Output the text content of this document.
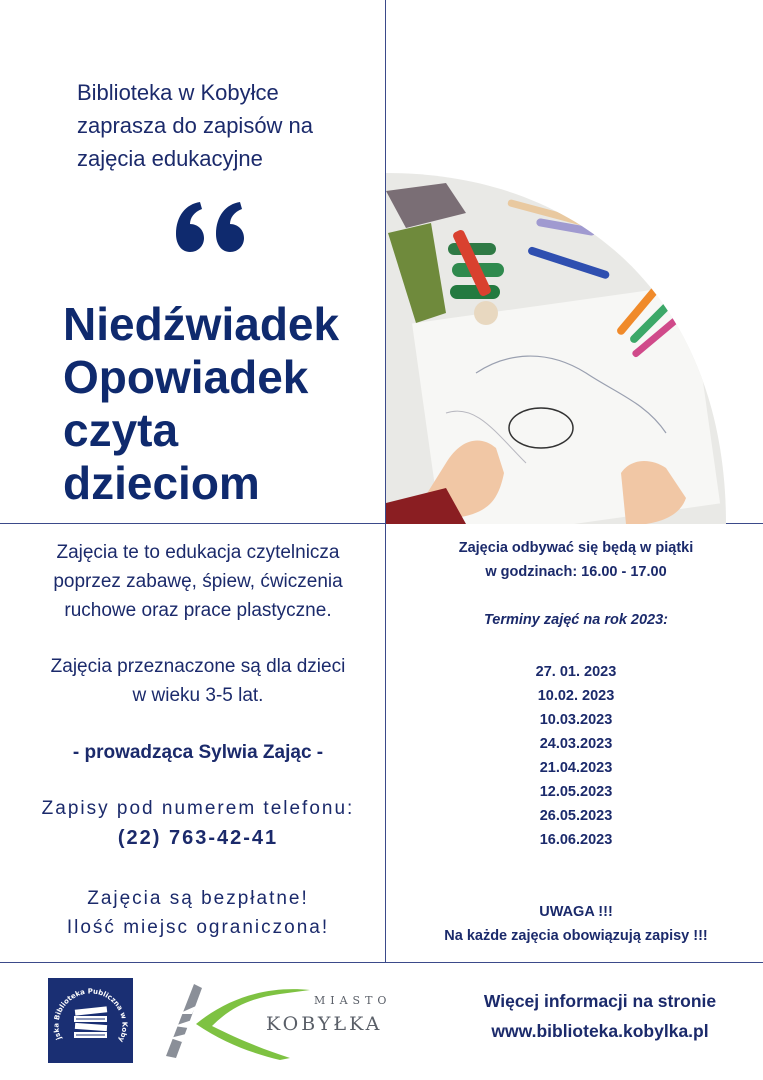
Biblioteka w Kobyłce
zaprasza do zapisów na
zajęcia edukacyjne
Niedźwiadek
Opowiadek
czyta
dzieciom

Zajęcia te to edukacja czytelnicza

poprzez zabawę, śpiew, ćwiczenia

ruchowe oraz prace plastyczne.

Zajęcia przeznaczone są dla dzieci

w wieku 3-5 lat.

- prowadząca Sylwia Zając -

Zapisy pod numerem telefonu:

(22) 763-42-41

Zajęcia są bezpłatne!

Ilość miejsc ograniczona!

Zajęcia odbywać się będą w piątki
w godzinach: 16.00 - 17.00
Terminy zajęć na rok 2023:
27. 01. 2023
10.02. 2023
10.03.2023
24.03.2023
21.04.2023
12.05.2023
26.05.2023
16.06.2023
UWAGA !!!
Na każde zajęcia obowiązują zapisy !!!
jska Biblioteka Publiczna w Koby
MIASTO
KOBYŁKA
Więcej informacji na stronie
www.biblioteka.kobylka.pl
